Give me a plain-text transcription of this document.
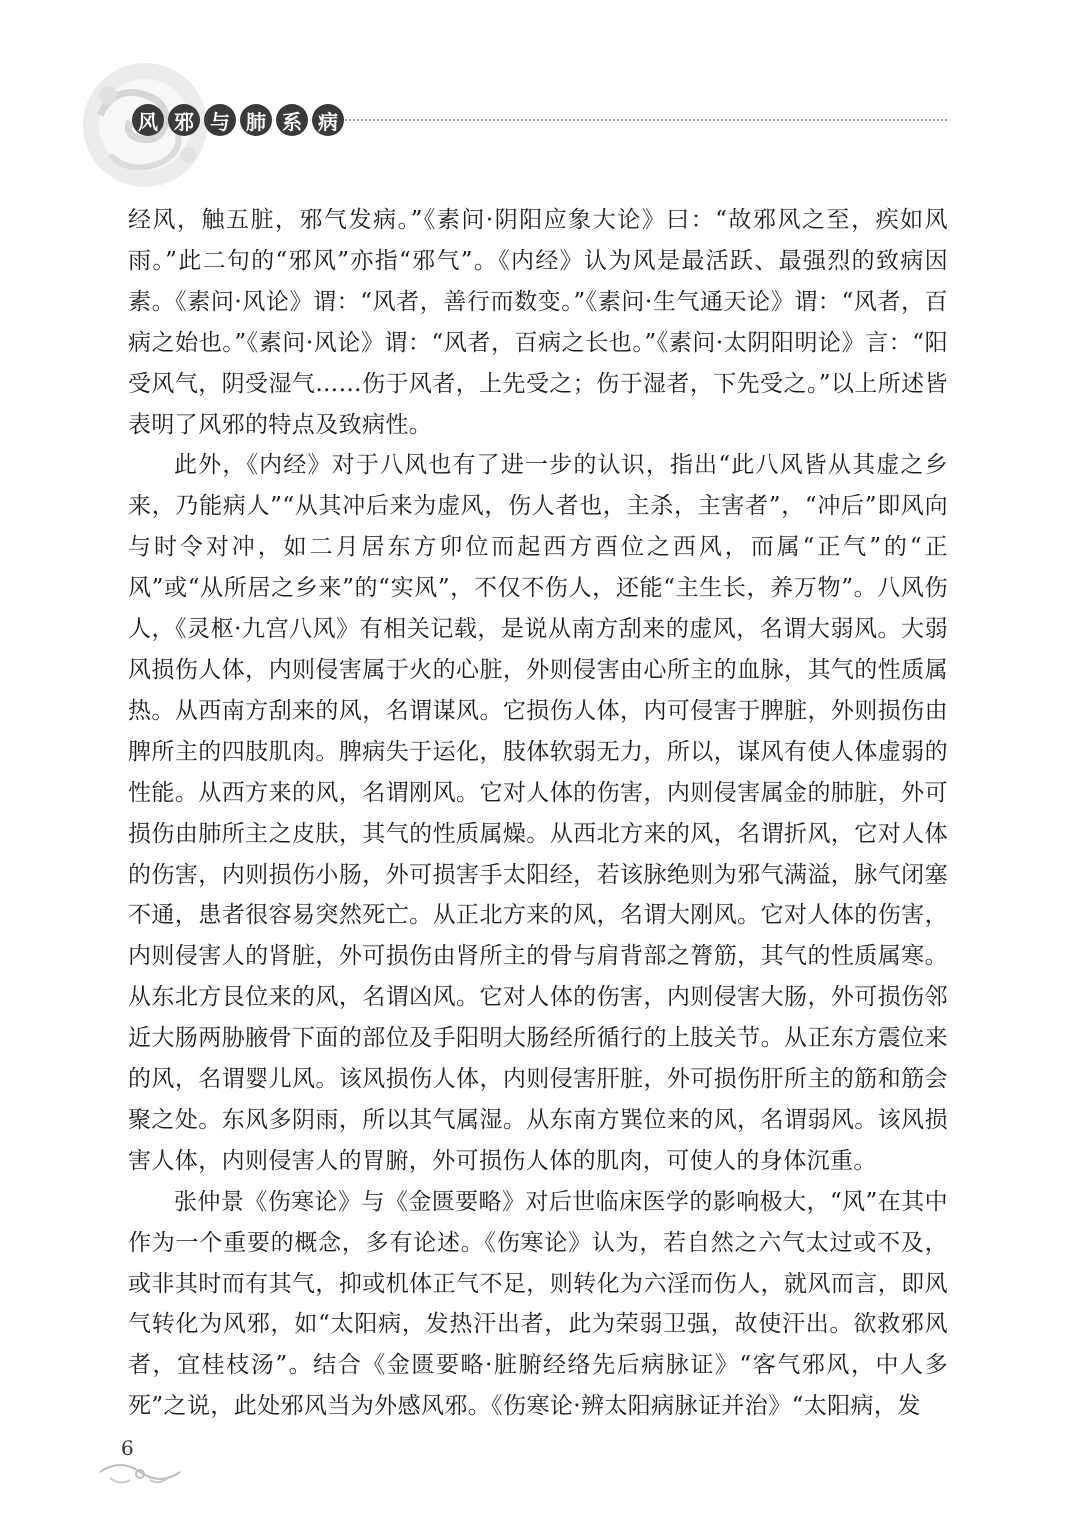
风 邪 与 肺 系 病

经风，触五脏，邪气发病。”《素问·阴阳应象大论》曰：“故邪风之至，疾如风雨。”此二句的“邪风”亦指“邪气”。《内经》认为风是最活跃、最强烈的致病因素。《素问·风论》谓：“风者，善行而数变。”《素问·生气通天论》谓：“风者，百病之始也。”《素问·风论》谓：“风者，百病之长也。”《素问·太阴阳明论》言：“阳受风气，阴受湿气……伤于风者，上先受之；伤于湿者，下先受之。”以上所述皆表明了风邪的特点及致病性。

此外，《内经》对于八风也有了进一步的认识，指出“此八风皆从其虚之乡来，乃能病人”“从其冲后来为虚风，伤人者也，主杀，主害者”，“冲后”即风向与时令对冲，如二月居东方卯位而起西方酉位之西风，而属“正气”的“正风”或“从所居之乡来”的“实风”，不仅不伤人，还能“主生长，养万物”。八风伤人，《灵枢·九宫八风》有相关记载，是说从南方刮来的虚风，名谓大弱风。大弱风损伤人体，内则侵害属于火的心脏，外则侵害由心所主的血脉，其气的性质属热。从西南方刮来的风，名谓谋风。它损伤人体，内可侵害于脾脏，外则损伤由脾所主的四肢肌肉。脾病失于运化，肢体软弱无力，所以，谋风有使人体虚弱的性能。从西方来的风，名谓刚风。它对人体的伤害，内则侵害属金的肺脏，外可损伤由肺所主之皮肤，其气的性质属燥。从西北方来的风，名谓折风，它对人体的伤害，内则损伤小肠，外可损害手太阳经，若该脉绝则为邪气满溢，脉气闭塞不通，患者很容易突然死亡。从正北方来的风，名谓大刚风。它对人体的伤害，内则侵害人的肾脏，外可损伤由肾所主的骨与肩背部之膂筋，其气的性质属寒。从东北方艮位来的风，名谓凶风。它对人体的伤害，内则侵害大肠，外可损伤邻近大肠两胁腋骨下面的部位及手阳明大肠经所循行的上肢关节。从正东方震位来的风，名谓婴儿风。该风损伤人体，内则侵害肝脏，外可损伤肝所主的筋和筋会聚之处。东风多阴雨，所以其气属湿。从东南方巽位来的风，名谓弱风。该风损害人体，内则侵害人的胃腑，外可损伤人体的肌肉，可使人的身体沉重。

张仲景《伤寒论》与《金匮要略》对后世临床医学的影响极大，“风”在其中作为一个重要的概念，多有论述。《伤寒论》认为，若自然之六气太过或不及，或非其时而有其气，抑或机体正气不足，则转化为六淫而伤人，就风而言，即风气转化为风邪，如“太阳病，发热汗出者，此为荣弱卫强，故使汗出。欲救邪风者，宜桂枝汤”。结合《金匮要略·脏腑经络先后病脉证》“客气邪风，中人多死”之说，此处邪风当为外感风邪。《伤寒论·辨太阳病脉证并治》“太阳病，发

6
